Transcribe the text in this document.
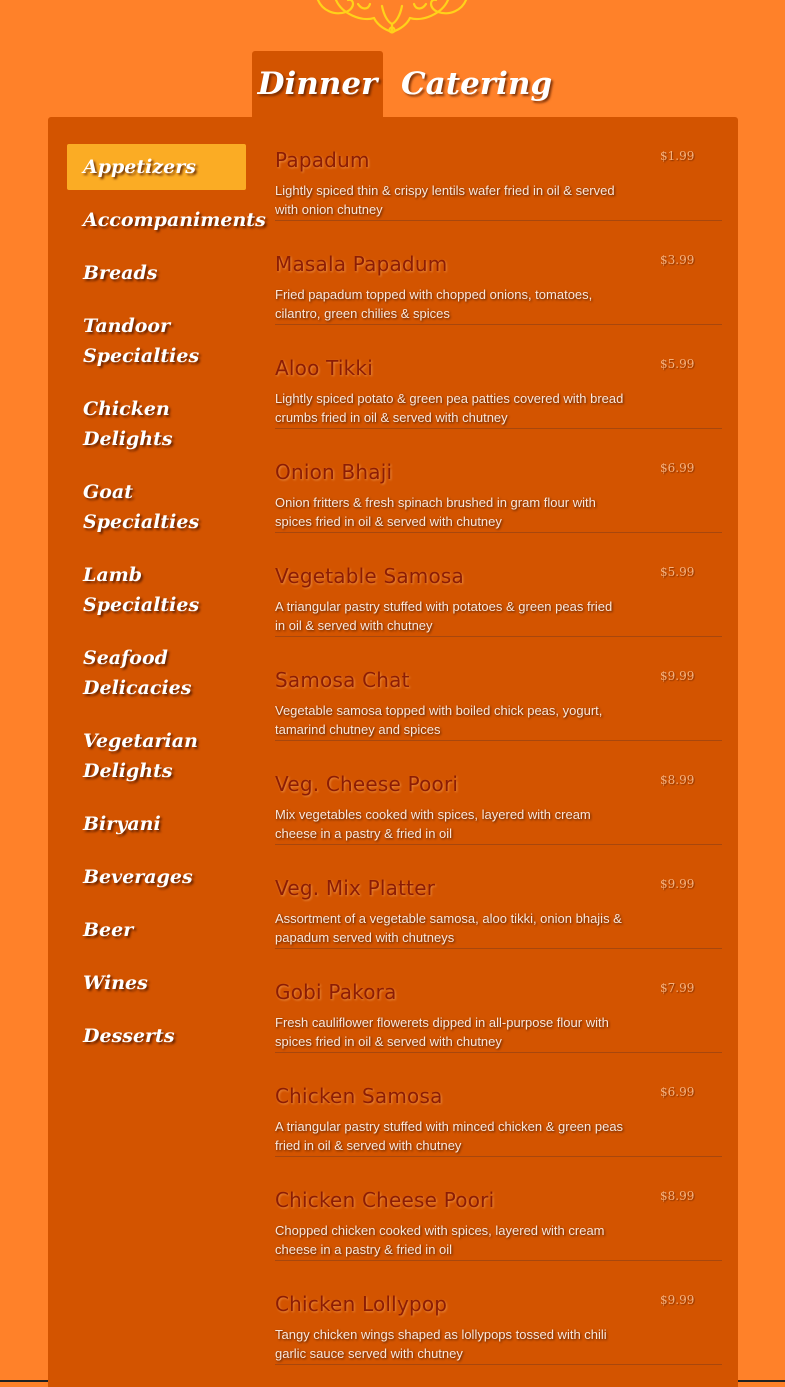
Dinner Catering
Appetizers
Accompaniments
Breads
Tandoor Specialties
Chicken Delights
Goat Specialties
Lamb Specialties
Seafood Delicacies
Vegetarian Delights
Biryani
Beverages
Beer
Wines
Desserts
Papadum	$1.99
Lightly spiced thin & crispy lentils wafer fried in oil & served with onion chutney
Masala Papadum	$3.99
Fried papadum topped with chopped onions, tomatoes, cilantro, green chilies & spices
Aloo Tikki	$5.99
Lightly spiced potato & green pea patties covered with bread crumbs fried in oil & served with chutney
Onion Bhaji	$6.99
Onion fritters & fresh spinach brushed in gram flour with spices fried in oil & served with chutney
Vegetable Samosa	$5.99
A triangular pastry stuffed with potatoes & green peas fried in oil & served with chutney
Samosa Chat	$9.99
Vegetable samosa topped with boiled chick peas, yogurt, tamarind chutney and spices
Veg. Cheese Poori	$8.99
Mix vegetables cooked with spices, layered with cream cheese in a pastry & fried in oil
Veg. Mix Platter	$9.99
Assortment of a vegetable samosa, aloo tikki, onion bhajis & papadum served with chutneys
Gobi Pakora	$7.99
Fresh cauliflower flowerets dipped in all-purpose flour with spices fried in oil & served with chutney
Chicken Samosa	$6.99
A triangular pastry stuffed with minced chicken & green peas fried in oil & served with chutney
Chicken Cheese Poori	$8.99
Chopped chicken cooked with spices, layered with cream cheese in a pastry & fried in oil
Chicken Lollypop	$9.99
Tangy chicken wings shaped as lollypops tossed with chili garlic sauce served with chutney
